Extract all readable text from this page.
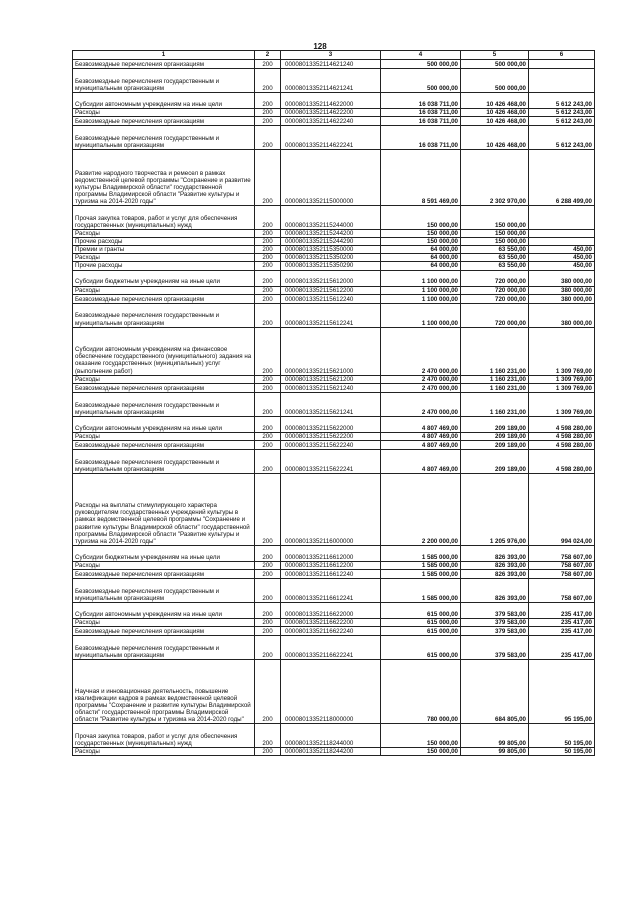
128
1	2	3	4	5	6
Безвозмездные перечисления организациям	200	00008013352114621240	500 000,00	500 000,00	
Безвозмездные перечисления государственным и муниципальным организациям	200	00008013352114621241	500 000,00	500 000,00	
Субсидии автономным учреждениям на иные цели	200	00008013352114622000	16 038 711,00	10 426 468,00	5 612 243,00
Расходы	200	00008013352114622200	16 038 711,00	10 426 468,00	5 612 243,00
Безвозмездные перечисления организациям	200	00008013352114622240	16 038 711,00	10 426 468,00	5 612 243,00
Безвозмездные перечисления государственным и муниципальным организациям	200	00008013352114622241	16 038 711,00	10 426 468,00	5 612 243,00
Развитие народного творчества и ремесел в рамках ведомственной целевой программы "Сохранение и развитие культуры Владимирской области" государственной программы Владимирской области "Развитие культуры и туризма на 2014-2020 годы"	200	00008013352115000000	8 591 469,00	2 302 970,00	6 288 499,00
Прочая закупка товаров, работ и услуг для обеспечения государственных (муниципальных) нужд	200	00008013352115244000	150 000,00	150 000,00	
Расходы	200	00008013352115244200	150 000,00	150 000,00	
Прочие расходы	200	00008013352115244290	150 000,00	150 000,00	
Премии и гранты	200	00008013352115350000	64 000,00	63 550,00	450,00
Расходы	200	00008013352115350200	64 000,00	63 550,00	450,00
Прочие расходы	200	00008013352115350290	64 000,00	63 550,00	450,00
Субсидии бюджетным учреждениям на иные цели	200	00008013352115612000	1 100 000,00	720 000,00	380 000,00
Расходы	200	00008013352115612200	1 100 000,00	720 000,00	380 000,00
Безвозмездные перечисления организациям	200	00008013352115612240	1 100 000,00	720 000,00	380 000,00
Безвозмездные перечисления государственным и муниципальным организациям	200	00008013352115612241	1 100 000,00	720 000,00	380 000,00
Субсидии автономным учреждениям на финансовое обеспечение государственного (муниципального) задания на оказание государственных (муниципальных) услуг (выполнение работ)	200	00008013352115621000	2 470 000,00	1 160 231,00	1 309 769,00
Расходы	200	00008013352115621200	2 470 000,00	1 160 231,00	1 309 769,00
Безвозмездные перечисления организациям	200	00008013352115621240	2 470 000,00	1 160 231,00	1 309 769,00
Безвозмездные перечисления государственным и муниципальным организациям	200	00008013352115621241	2 470 000,00	1 160 231,00	1 309 769,00
Субсидии автономным учреждениям на иные цели	200	00008013352115622000	4 807 469,00	209 189,00	4 598 280,00
Расходы	200	00008013352115622200	4 807 469,00	209 189,00	4 598 280,00
Безвозмездные перечисления организациям	200	00008013352115622240	4 807 469,00	209 189,00	4 598 280,00
Безвозмездные перечисления государственным и муниципальным организациям	200	00008013352115622241	4 807 469,00	209 189,00	4 598 280,00
Расходы на выплаты стимулирующего характера руководителям государственных учреждений культуры в рамках ведомственной целевой программы "Сохранение и развитие культуры Владимирской области" государственной программы Владимирской области "Развитие культуры и туризма на 2014-2020 годы"	200	00008013352116000000	2 200 000,00	1 205 976,00	994 024,00
Субсидии бюджетным учреждениям на иные цели	200	00008013352116612000	1 585 000,00	826 393,00	758 607,00
Расходы	200	00008013352116612200	1 585 000,00	826 393,00	758 607,00
Безвозмездные перечисления организациям	200	00008013352116612240	1 585 000,00	826 393,00	758 607,00
Безвозмездные перечисления государственным и муниципальным организациям	200	00008013352116612241	1 585 000,00	826 393,00	758 607,00
Субсидии автономным учреждениям на иные цели	200	00008013352116622000	615 000,00	379 583,00	235 417,00
Расходы	200	00008013352116622200	615 000,00	379 583,00	235 417,00
Безвозмездные перечисления организациям	200	00008013352116622240	615 000,00	379 583,00	235 417,00
Безвозмездные перечисления государственным и муниципальным организациям	200	00008013352116622241	615 000,00	379 583,00	235 417,00
Научная и инновационная деятельность, повышение квалификации кадров в рамках ведомственной целевой программы "Сохранение и развитие культуры Владимирской области" государственной программы Владимирской области "Развитие культуры и туризма на 2014-2020 годы"	200	00008013352118000000	780 000,00	684 805,00	95 195,00
Прочая закупка товаров, работ и услуг для обеспечения государственных (муниципальных) нужд	200	00008013352118244000	150 000,00	99 805,00	50 195,00
Расходы	200	00008013352118244200	150 000,00	99 805,00	50 195,00
